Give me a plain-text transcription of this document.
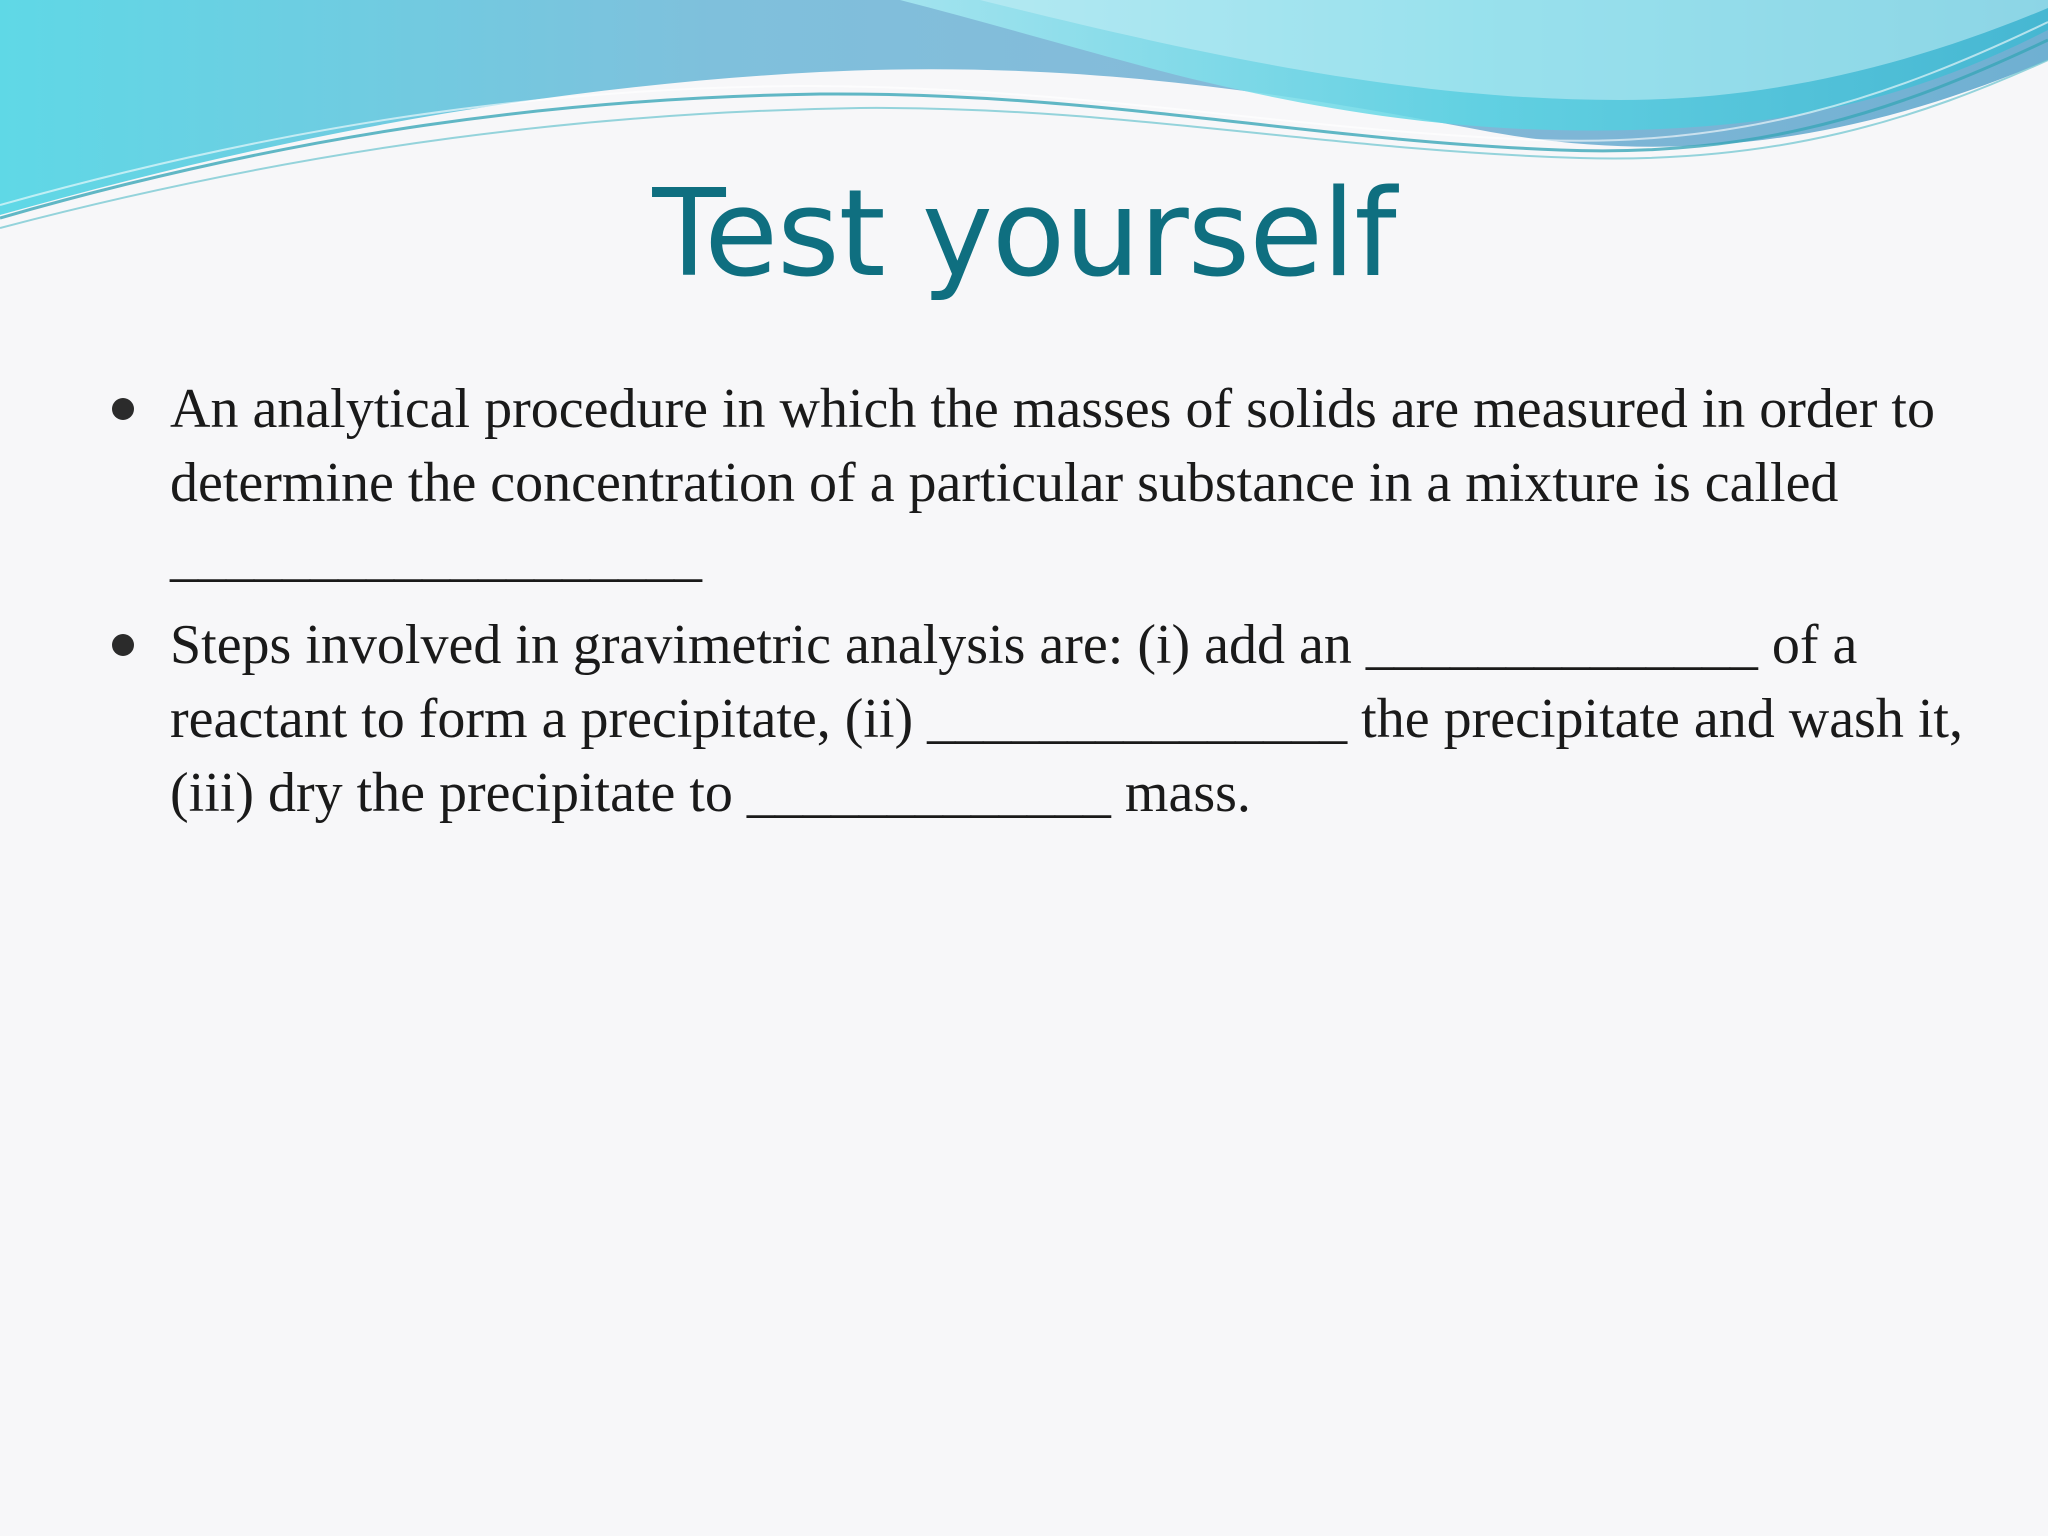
Test yourself
An analytical procedure in which the masses of solids are measured in order to determine the concentration of a particular substance in a mixture is called ___________________
Steps involved in gravimetric analysis are: (i) add an ______________ of a reactant to form a precipitate, (ii) _______________ the precipitate and wash it, (iii) dry the precipitate to _____________ mass.
